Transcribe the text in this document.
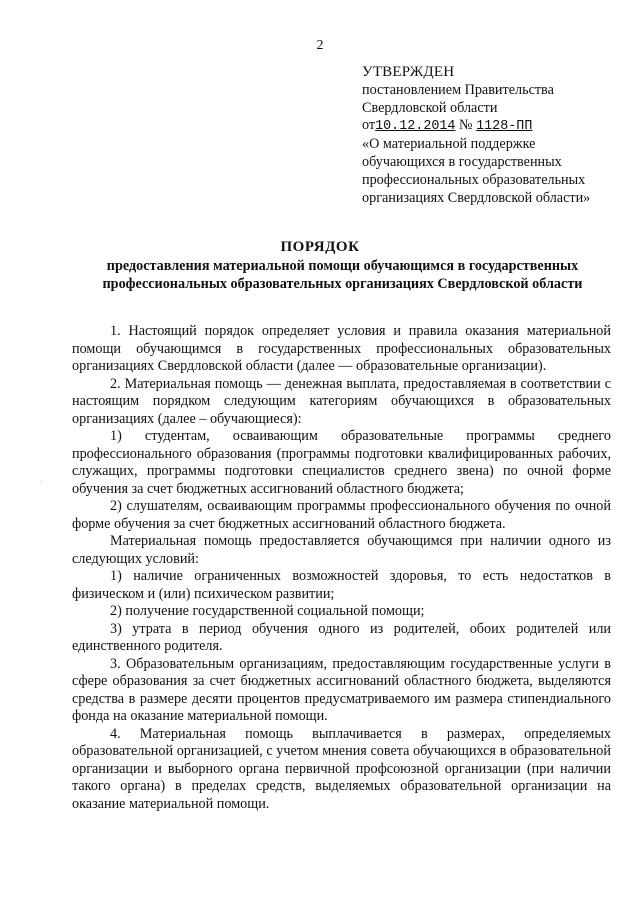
2
УТВЕРЖДЕН
постановлением Правительства
Свердловской области
от10.12.2014 № 1128-ПП
«О материальной поддержке
обучающихся в государственных
профессиональных образовательных
организациях Свердловской области»
ПОРЯДОК
предоставления материальной помощи обучающимся в государственных профессиональных образовательных организациях Свердловской области
·

1. Настоящий порядок определяет условия и правила оказания материальной помощи обучающимся в государственных профессиональных образовательных организациях Свердловской области (далее — образовательные организации).

2. Материальная помощь — денежная выплата, предоставляемая в соответствии с настоящим порядком следующим категориям обучающихся в образовательных организациях (далее – обучающиеся):

1) студентам, осваивающим образовательные программы среднего профессионального образования (программы подготовки квалифицированных рабочих, служащих, программы подготовки специалистов среднего звена) по очной форме обучения за счет бюджетных ассигнований областного бюджета;

2) слушателям, осваивающим программы профессионального обучения по очной форме обучения за счет бюджетных ассигнований областного бюджета.

Материальная помощь предоставляется обучающимся при наличии одного из следующих условий:

1) наличие ограниченных возможностей здоровья, то есть недостатков в физическом и (или) психическом развитии;

2) получение государственной социальной помощи;

3) утрата в период обучения одного из родителей, обоих родителей или единственного родителя.

3. Образовательным организациям, предоставляющим государственные услуги в сфере образования за счет бюджетных ассигнований областного бюджета, выделяются средства в размере десяти процентов предусматриваемого им размера стипендиального фонда на оказание материальной помощи.

4. Материальная помощь выплачивается в размерах, определяемых образовательной организацией, с учетом мнения совета обучающихся в образовательной организации и выборного органа первичной профсоюзной организации (при наличии такого органа) в пределах средств, выделяемых образовательной организации на оказание материальной помощи.
